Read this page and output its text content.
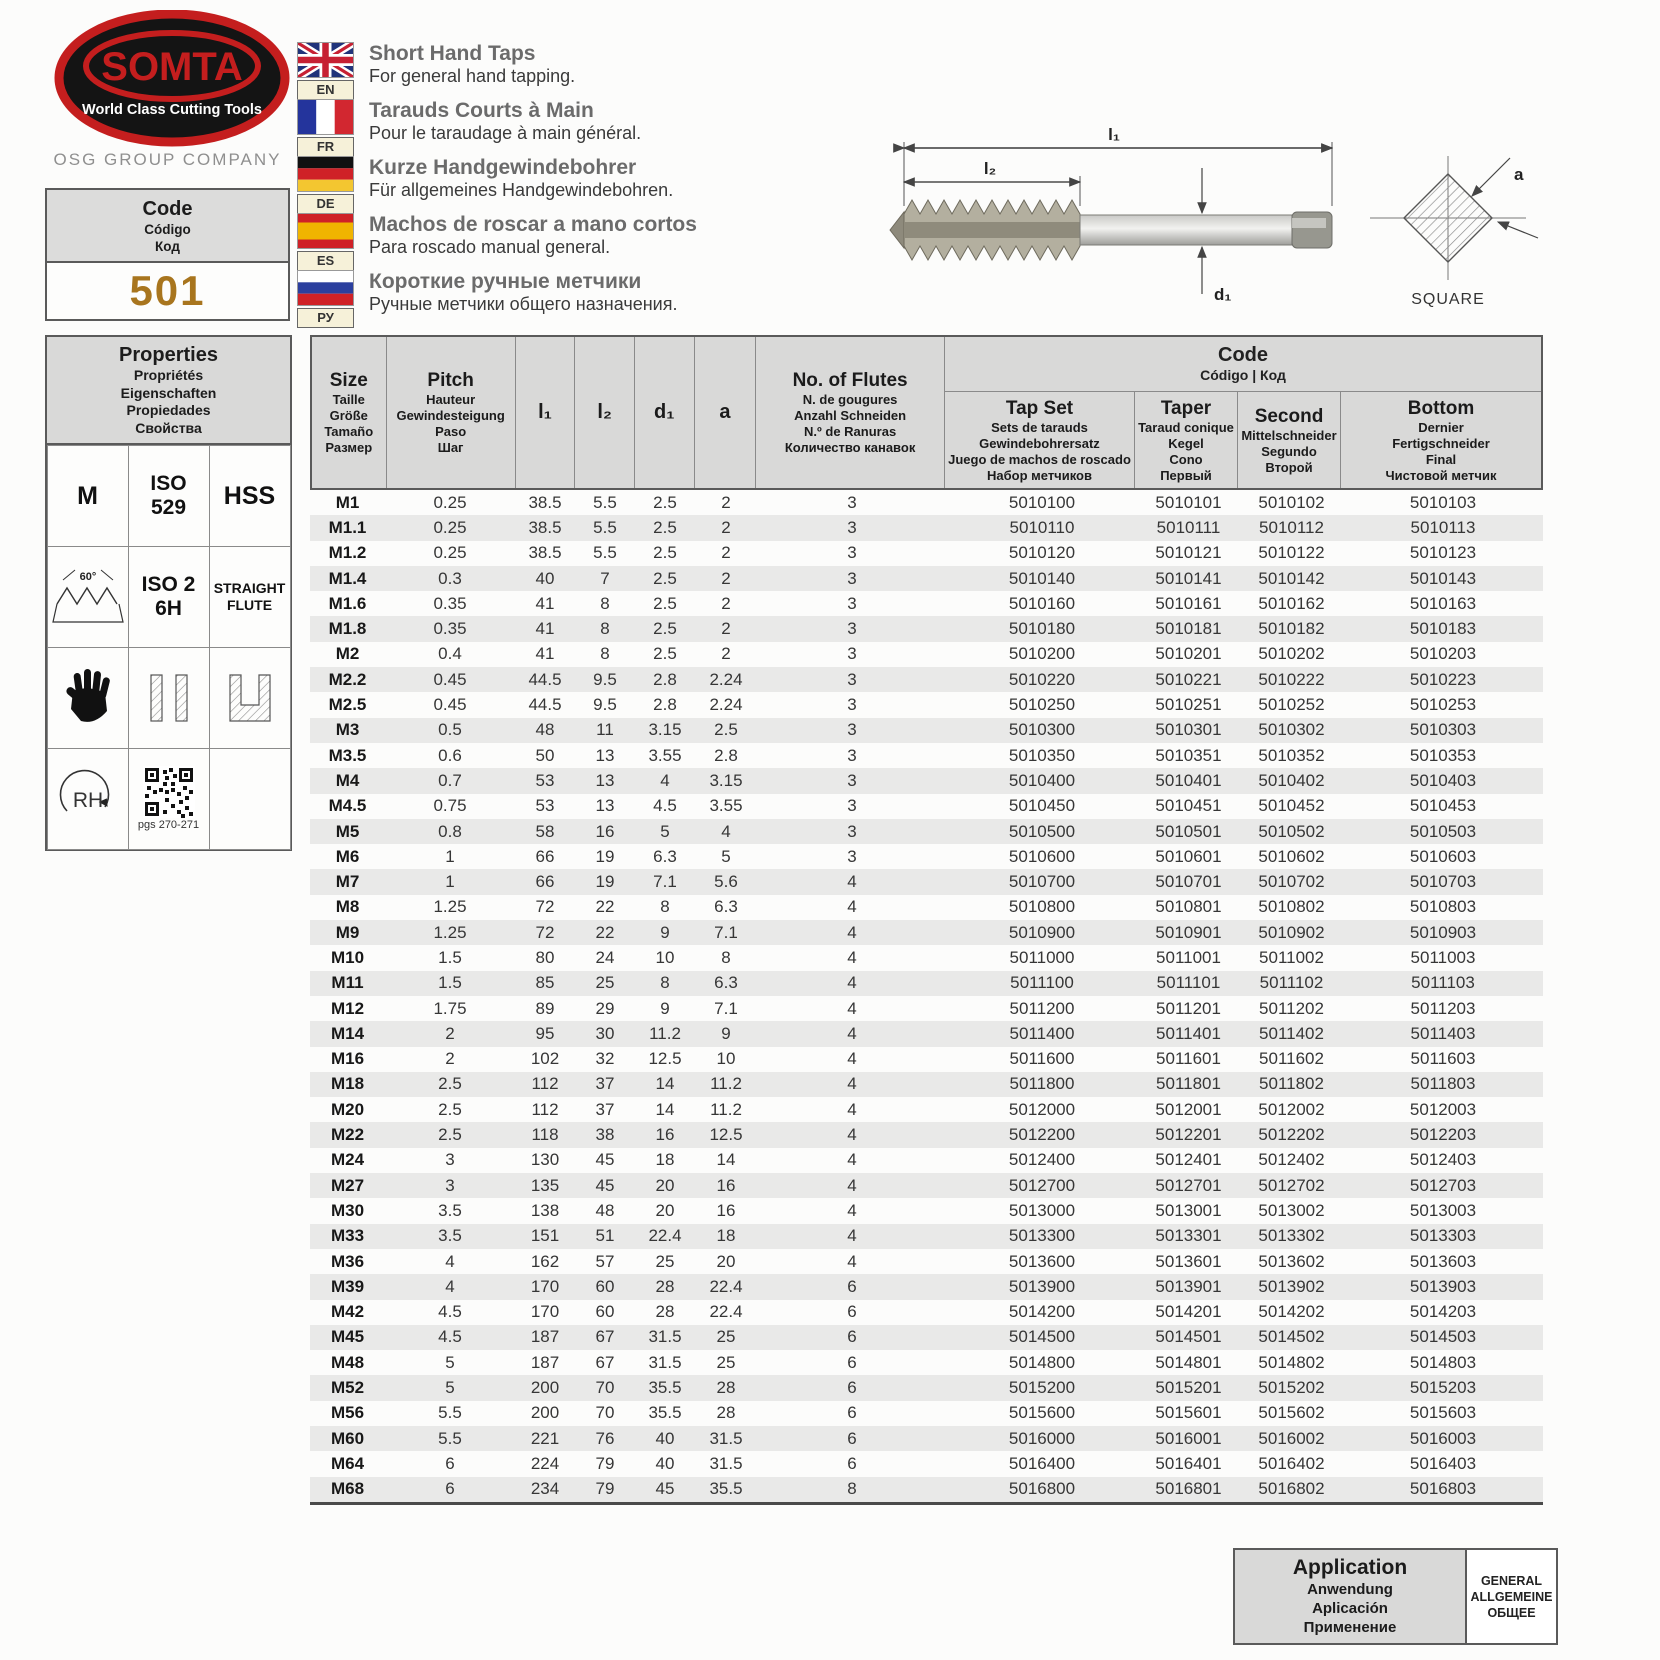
SOMTA
World Class Cutting Tools
OSG GROUP COMPANY
Code
Código
Код
501
EN
Short Hand Taps
For general hand tapping.
FR
Tarauds Courts à Main
Pour le taraudage à main général.
DE
Kurze Handgewindebohrer
Für allgemeines Handgewindebohren.
ES
Machos de roscar a mano cortos
Para roscado manual general.
РУ
Короткие ручные метчики
Ручные метчики общего назначения.
l₁
l₂
d₁
a
SQUARE
Properties
Propriétés
Eigenschaften
Propiedades
Свойства
M	ISO
529 HSS
60° ISO 2
6H
STRAIGHT
FLUTE
RH
pgs 270-271
Size
Taille
Größe
Tamaño
Размер
Pitch
Hauteur
Gewindesteigung
Paso
Шаг
l₁ l₂ d₁ a
No. of Flutes
N. de gougures
Anzahl Schneiden
N.º de Ranuras
Количество канавок
Code
Código | Код
Tap Set
Sets de tarauds
Gewindebohrersatz
Juego de machos de roscado
Набор метчиков
Taper
Taraud conique
Kegel
Cono
Первый
Second
Mittelschneider
Segundo
Второй
Bottom
Dernier
Fertigschneider
Final
Чистовой метчик
M1	0.25	38.5	5.5	2.5	2	3	5010100	5010101	5010102	5010103
M1.1	0.25	38.5	5.5	2.5	2	3	5010110	5010111	5010112	5010113
M1.2	0.25	38.5	5.5	2.5	2	3	5010120	5010121	5010122	5010123
M1.4	0.3	40	7	2.5	2	3	5010140	5010141	5010142	5010143
M1.6	0.35	41	8	2.5	2	3	5010160	5010161	5010162	5010163
M1.8	0.35	41	8	2.5	2	3	5010180	5010181	5010182	5010183
M2	0.4	41	8	2.5	2	3	5010200	5010201	5010202	5010203
M2.2	0.45	44.5	9.5	2.8	2.24	3	5010220	5010221	5010222	5010223
M2.5	0.45	44.5	9.5	2.8	2.24	3	5010250	5010251	5010252	5010253
M3	0.5	48	11	3.15	2.5	3	5010300	5010301	5010302	5010303
M3.5	0.6	50	13	3.55	2.8	3	5010350	5010351	5010352	5010353
M4	0.7	53	13	4	3.15	3	5010400	5010401	5010402	5010403
M4.5	0.75	53	13	4.5	3.55	3	5010450	5010451	5010452	5010453
M5	0.8	58	16	5	4	3	5010500	5010501	5010502	5010503
M6	1	66	19	6.3	5	3	5010600	5010601	5010602	5010603
M7	1	66	19	7.1	5.6	4	5010700	5010701	5010702	5010703
M8	1.25	72	22	8	6.3	4	5010800	5010801	5010802	5010803
M9	1.25	72	22	9	7.1	4	5010900	5010901	5010902	5010903
M10	1.5	80	24	10	8	4	5011000	5011001	5011002	5011003
M11	1.5	85	25	8	6.3	4	5011100	5011101	5011102	5011103
M12	1.75	89	29	9	7.1	4	5011200	5011201	5011202	5011203
M14	2	95	30	11.2	9	4	5011400	5011401	5011402	5011403
M16	2	102	32	12.5	10	4	5011600	5011601	5011602	5011603
M18	2.5	112	37	14	11.2	4	5011800	5011801	5011802	5011803
M20	2.5	112	37	14	11.2	4	5012000	5012001	5012002	5012003
M22	2.5	118	38	16	12.5	4	5012200	5012201	5012202	5012203
M24	3	130	45	18	14	4	5012400	5012401	5012402	5012403
M27	3	135	45	20	16	4	5012700	5012701	5012702	5012703
M30	3.5	138	48	20	16	4	5013000	5013001	5013002	5013003
M33	3.5	151	51	22.4	18	4	5013300	5013301	5013302	5013303
M36	4	162	57	25	20	4	5013600	5013601	5013602	5013603
M39	4	170	60	28	22.4	6	5013900	5013901	5013902	5013903
M42	4.5	170	60	28	22.4	6	5014200	5014201	5014202	5014203
M45	4.5	187	67	31.5	25	6	5014500	5014501	5014502	5014503
M48	5	187	67	31.5	25	6	5014800	5014801	5014802	5014803
M52	5	200	70	35.5	28	6	5015200	5015201	5015202	5015203
M56	5.5	200	70	35.5	28	6	5015600	5015601	5015602	5015603
M60	5.5	221	76	40	31.5	6	5016000	5016001	5016002	5016003
M64	6	224	79	40	31.5	6	5016400	5016401	5016402	5016403
M68	6	234	79	45	35.5	8	5016800	5016801	5016802	5016803
Application
Anwendung
Aplicación
Применение
GENERAL
ALLGEMEINE
ОБЩЕЕ
